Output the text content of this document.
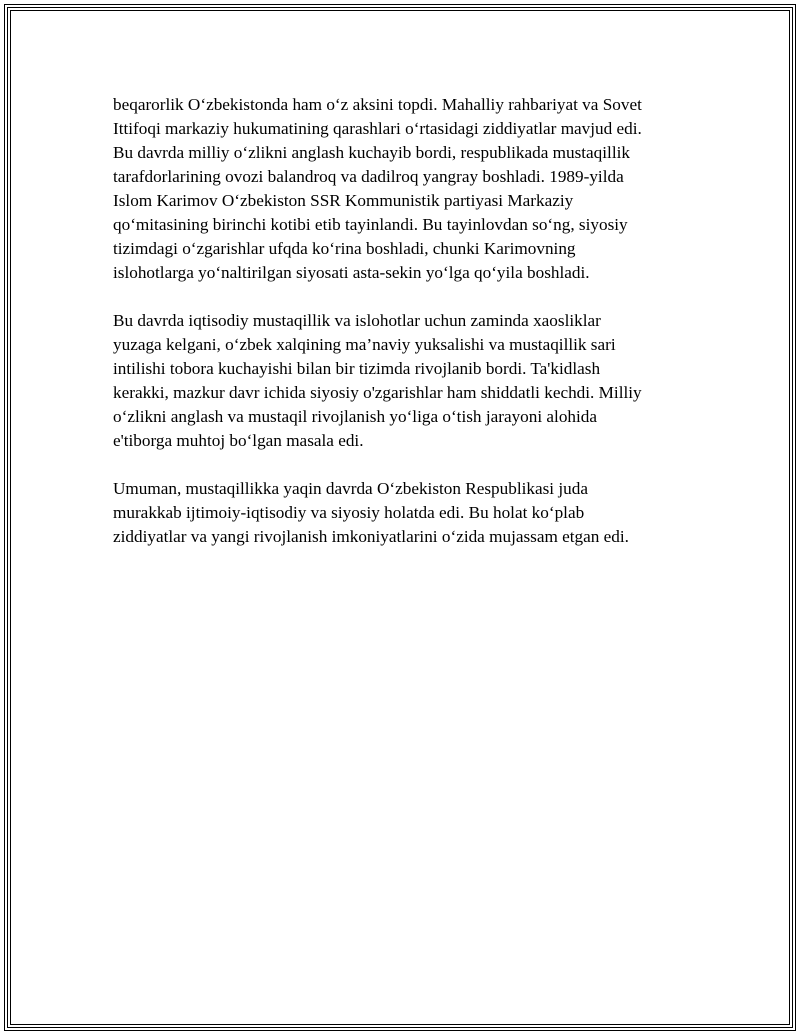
beqarorlik O‘zbekistonda ham o‘z aksini topdi. Mahalliy rahbariyat va Sovet
Ittifoqi markaziy hukumatining qarashlari o‘rtasidagi ziddiyatlar mavjud edi.
Bu davrda milliy o‘zlikni anglash kuchayib bordi, respublikada mustaqillik
tarafdorlarining ovozi balandroq va dadilroq yangray boshladi. 1989-yilda
Islom Karimov O‘zbekiston SSR Kommunistik partiyasi Markaziy
qo‘mitasining birinchi kotibi etib tayinlandi. Bu tayinlovdan so‘ng, siyosiy
tizimdagi o‘zgarishlar ufqda ko‘rina boshladi, chunki Karimovning
islohotlarga yo‘naltirilgan siyosati asta-sekin yo‘lga qo‘yila boshladi.

Bu davrda iqtisodiy mustaqillik va islohotlar uchun zaminda xaosliklar
yuzaga kelgani, o‘zbek xalqining ma’naviy yuksalishi va mustaqillik sari
intilishi tobora kuchayishi bilan bir tizimda rivojlanib bordi. Ta'kidlash
kerakki, mazkur davr ichida siyosiy o'zgarishlar ham shiddatli kechdi. Milliy
o‘zlikni anglash va mustaqil rivojlanish yo‘liga o‘tish jarayoni alohida
e'tiborga muhtoj bo‘lgan masala edi.

Umuman, mustaqillikka yaqin davrda O‘zbekiston Respublikasi juda
murakkab ijtimoiy-iqtisodiy va siyosiy holatda edi. Bu holat ko‘plab
ziddiyatlar va yangi rivojlanish imkoniyatlarini o‘zida mujassam etgan edi.
